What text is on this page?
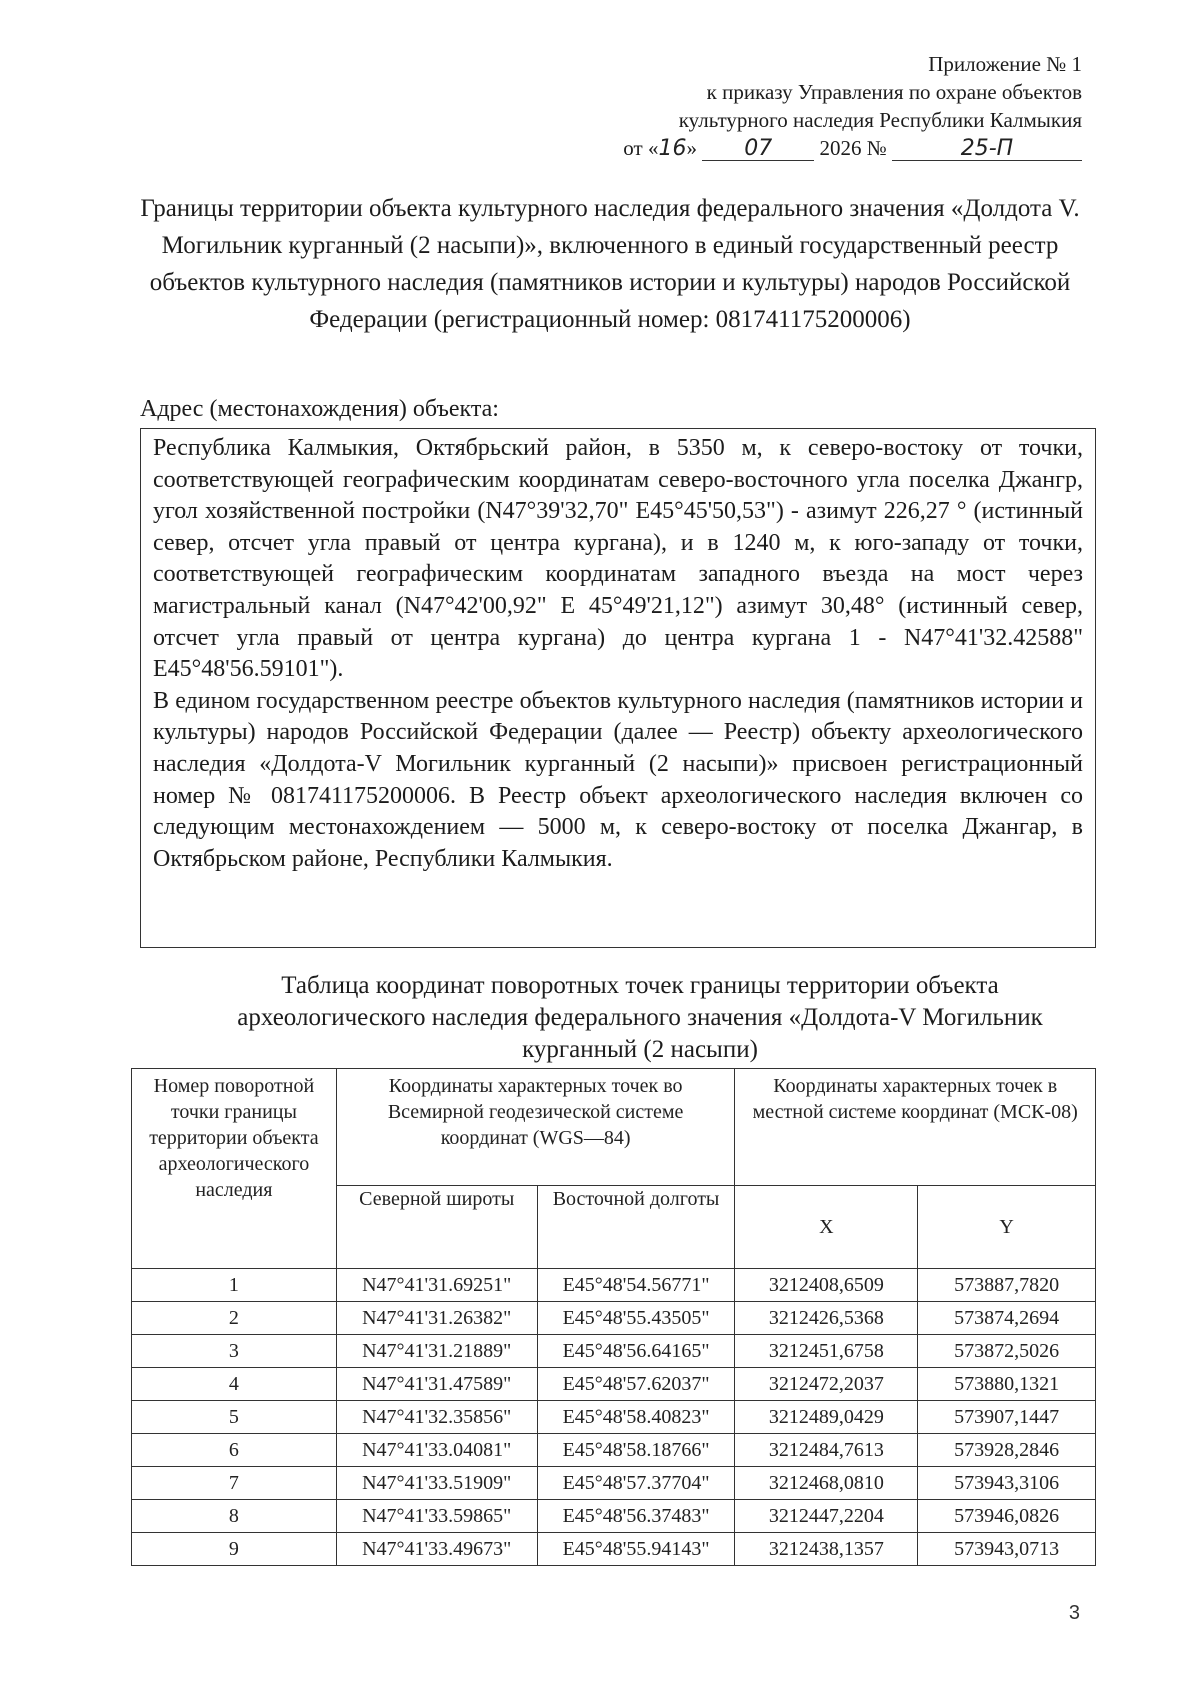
Приложение № 1
к приказу Управления по охране объектов
культурного наследия Республики Калмыкия
от «16» 07 2026 №	25-П
Границы территории объекта культурного наследия федерального значения «Долдота V. Могильник курганный (2 насыпи)», включенного в единый государственный реестр объектов культурного наследия (памятников истории и культуры) народов Российской Федерации (регистрационный номер: 081741175200006)
Адрес (местонахождения) объекта:

Республика Калмыкия, Октябрьский район, в 5350 м, к северо-востоку от точки, соответствующей географическим координатам северо-восточного угла поселка Джангр, угол хозяйственной постройки (N47°39'32,70" E45°45'50,53") - азимут 226,27 ° (истинный север, отсчет угла правый от центра кургана), и в 1240 м, к юго-западу от точки, соответствующей географическим координатам западного въезда на мост через магистральный канал (N47°42'00,92" E 45°49'21,12") азимут 30,48° (истинный север, отсчет угла правый от центра кургана) до центра кургана 1 - N47°41'32.42588" E45°48'56.59101").

В едином государственном реестре объектов культурного наследия (памятников истории и культуры) народов Российской Федерации (далее — Реестр) объекту археологического наследия «Долдота-V Могильник курганный (2 насыпи)» присвоен регистрационный номер № 081741175200006. В Реестр объект археологического наследия включен со следующим местонахождением — 5000 м, к северо-востоку от поселка Джангар, в Октябрьском районе, Республики Калмыкия.

Таблица координат поворотных точек границы территории объекта археологического наследия федерального значения «Долдота-V Могильник курганный (2 насыпи)
Номер поворотной точки границы территории объекта археологического наследия	Координаты характерных точек во Всемирной геодезической системе координат (WGS—84)		Координаты характерных точек в местной системе координат (МСК-08)	
	Северной широты	Восточной долготы	X	Y
1	N47°41'31.69251"	E45°48'54.56771"	3212408,6509	573887,7820
2	N47°41'31.26382"	E45°48'55.43505"	3212426,5368	573874,2694
3	N47°41'31.21889"	E45°48'56.64165"	3212451,6758	573872,5026
4	N47°41'31.47589"	E45°48'57.62037"	3212472,2037	573880,1321
5	N47°41'32.35856"	E45°48'58.40823"	3212489,0429	573907,1447
6	N47°41'33.04081"	E45°48'58.18766"	3212484,7613	573928,2846
7	N47°41'33.51909"	E45°48'57.37704"	3212468,0810	573943,3106
8	N47°41'33.59865"	E45°48'56.37483"	3212447,2204	573946,0826
9	N47°41'33.49673"	E45°48'55.94143"	3212438,1357	573943,0713
3
